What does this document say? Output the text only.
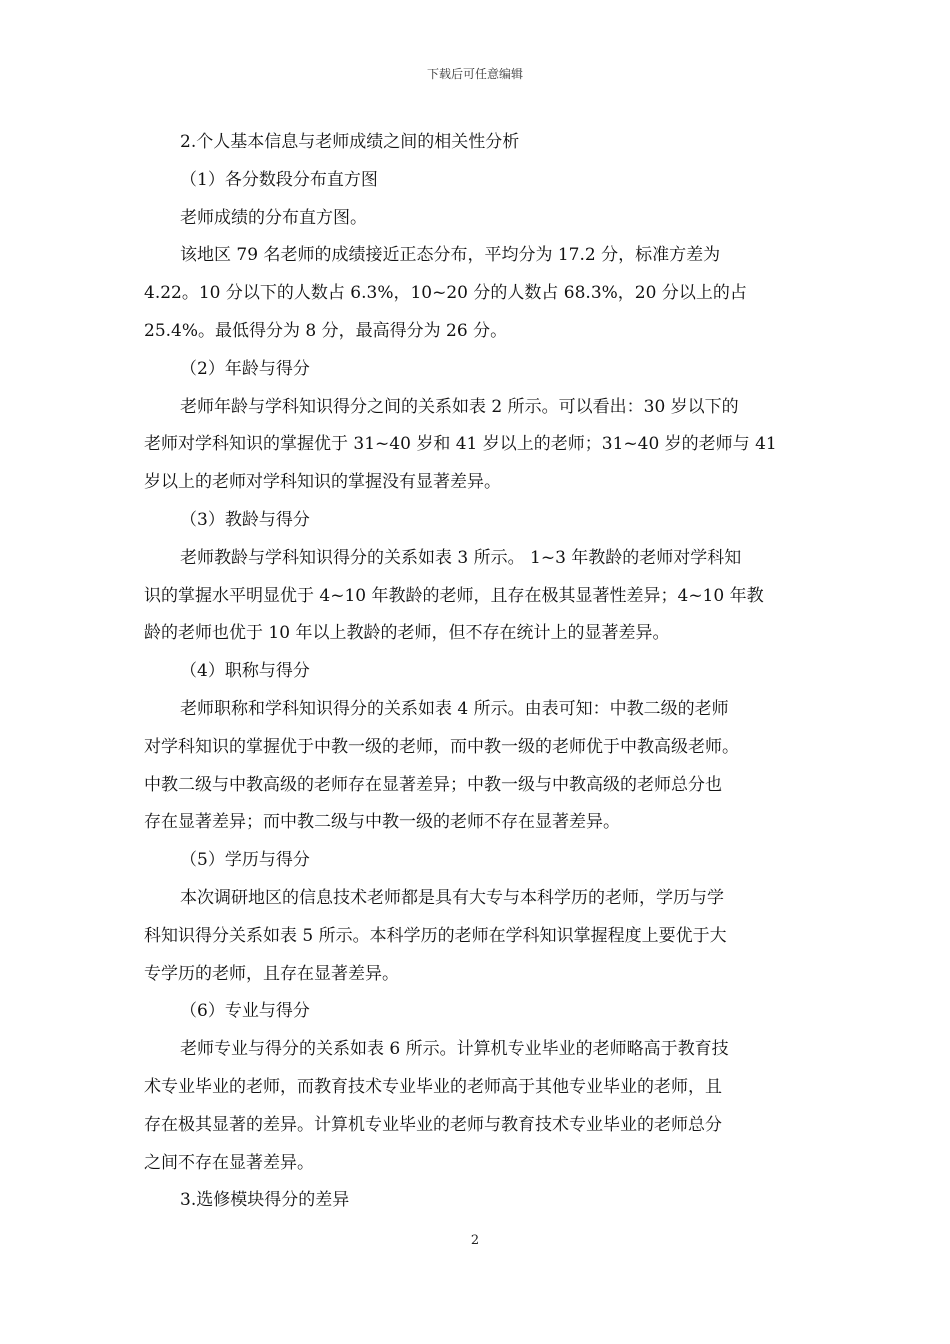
下载后可任意编辑
2.个人基本信息与老师成绩之间的相关性分析
（1）各分数段分布直方图
老师成绩的分布直方图。
该地区 79 名老师的成绩接近正态分布，平均分为 17.2 分，标准方差为
4.22。10 分以下的人数占 6.3%，10~20 分的人数占 68.3%，20 分以上的占
25.4%。最低得分为 8 分，最高得分为 26 分。
（2）年龄与得分
老师年龄与学科知识得分之间的关系如表 2 所示。可以看出：30 岁以下的
老师对学科知识的掌握优于 31~40 岁和 41 岁以上的老师；31~40 岁的老师与 41
岁以上的老师对学科知识的掌握没有显著差异。
（3）教龄与得分
老师教龄与学科知识得分的关系如表 3 所示。 1~3 年教龄的老师对学科知
识的掌握水平明显优于 4~10 年教龄的老师，且存在极其显著性差异；4~10 年教
龄的老师也优于 10 年以上教龄的老师，但不存在统计上的显著差异。
（4）职称与得分
老师职称和学科知识得分的关系如表 4 所示。由表可知：中教二级的老师
对学科知识的掌握优于中教一级的老师，而中教一级的老师优于中教高级老师。
中教二级与中教高级的老师存在显著差异；中教一级与中教高级的老师总分也
存在显著差异；而中教二级与中教一级的老师不存在显著差异。
（5）学历与得分
本次调研地区的信息技术老师都是具有大专与本科学历的老师，学历与学
科知识得分关系如表 5 所示。本科学历的老师在学科知识掌握程度上要优于大
专学历的老师，且存在显著差异。
（6）专业与得分
老师专业与得分的关系如表 6 所示。计算机专业毕业的老师略高于教育技
术专业毕业的老师，而教育技术专业毕业的老师高于其他专业毕业的老师，且
存在极其显著的差异。计算机专业毕业的老师与教育技术专业毕业的老师总分
之间不存在显著差异。
3.选修模块得分的差异
2
